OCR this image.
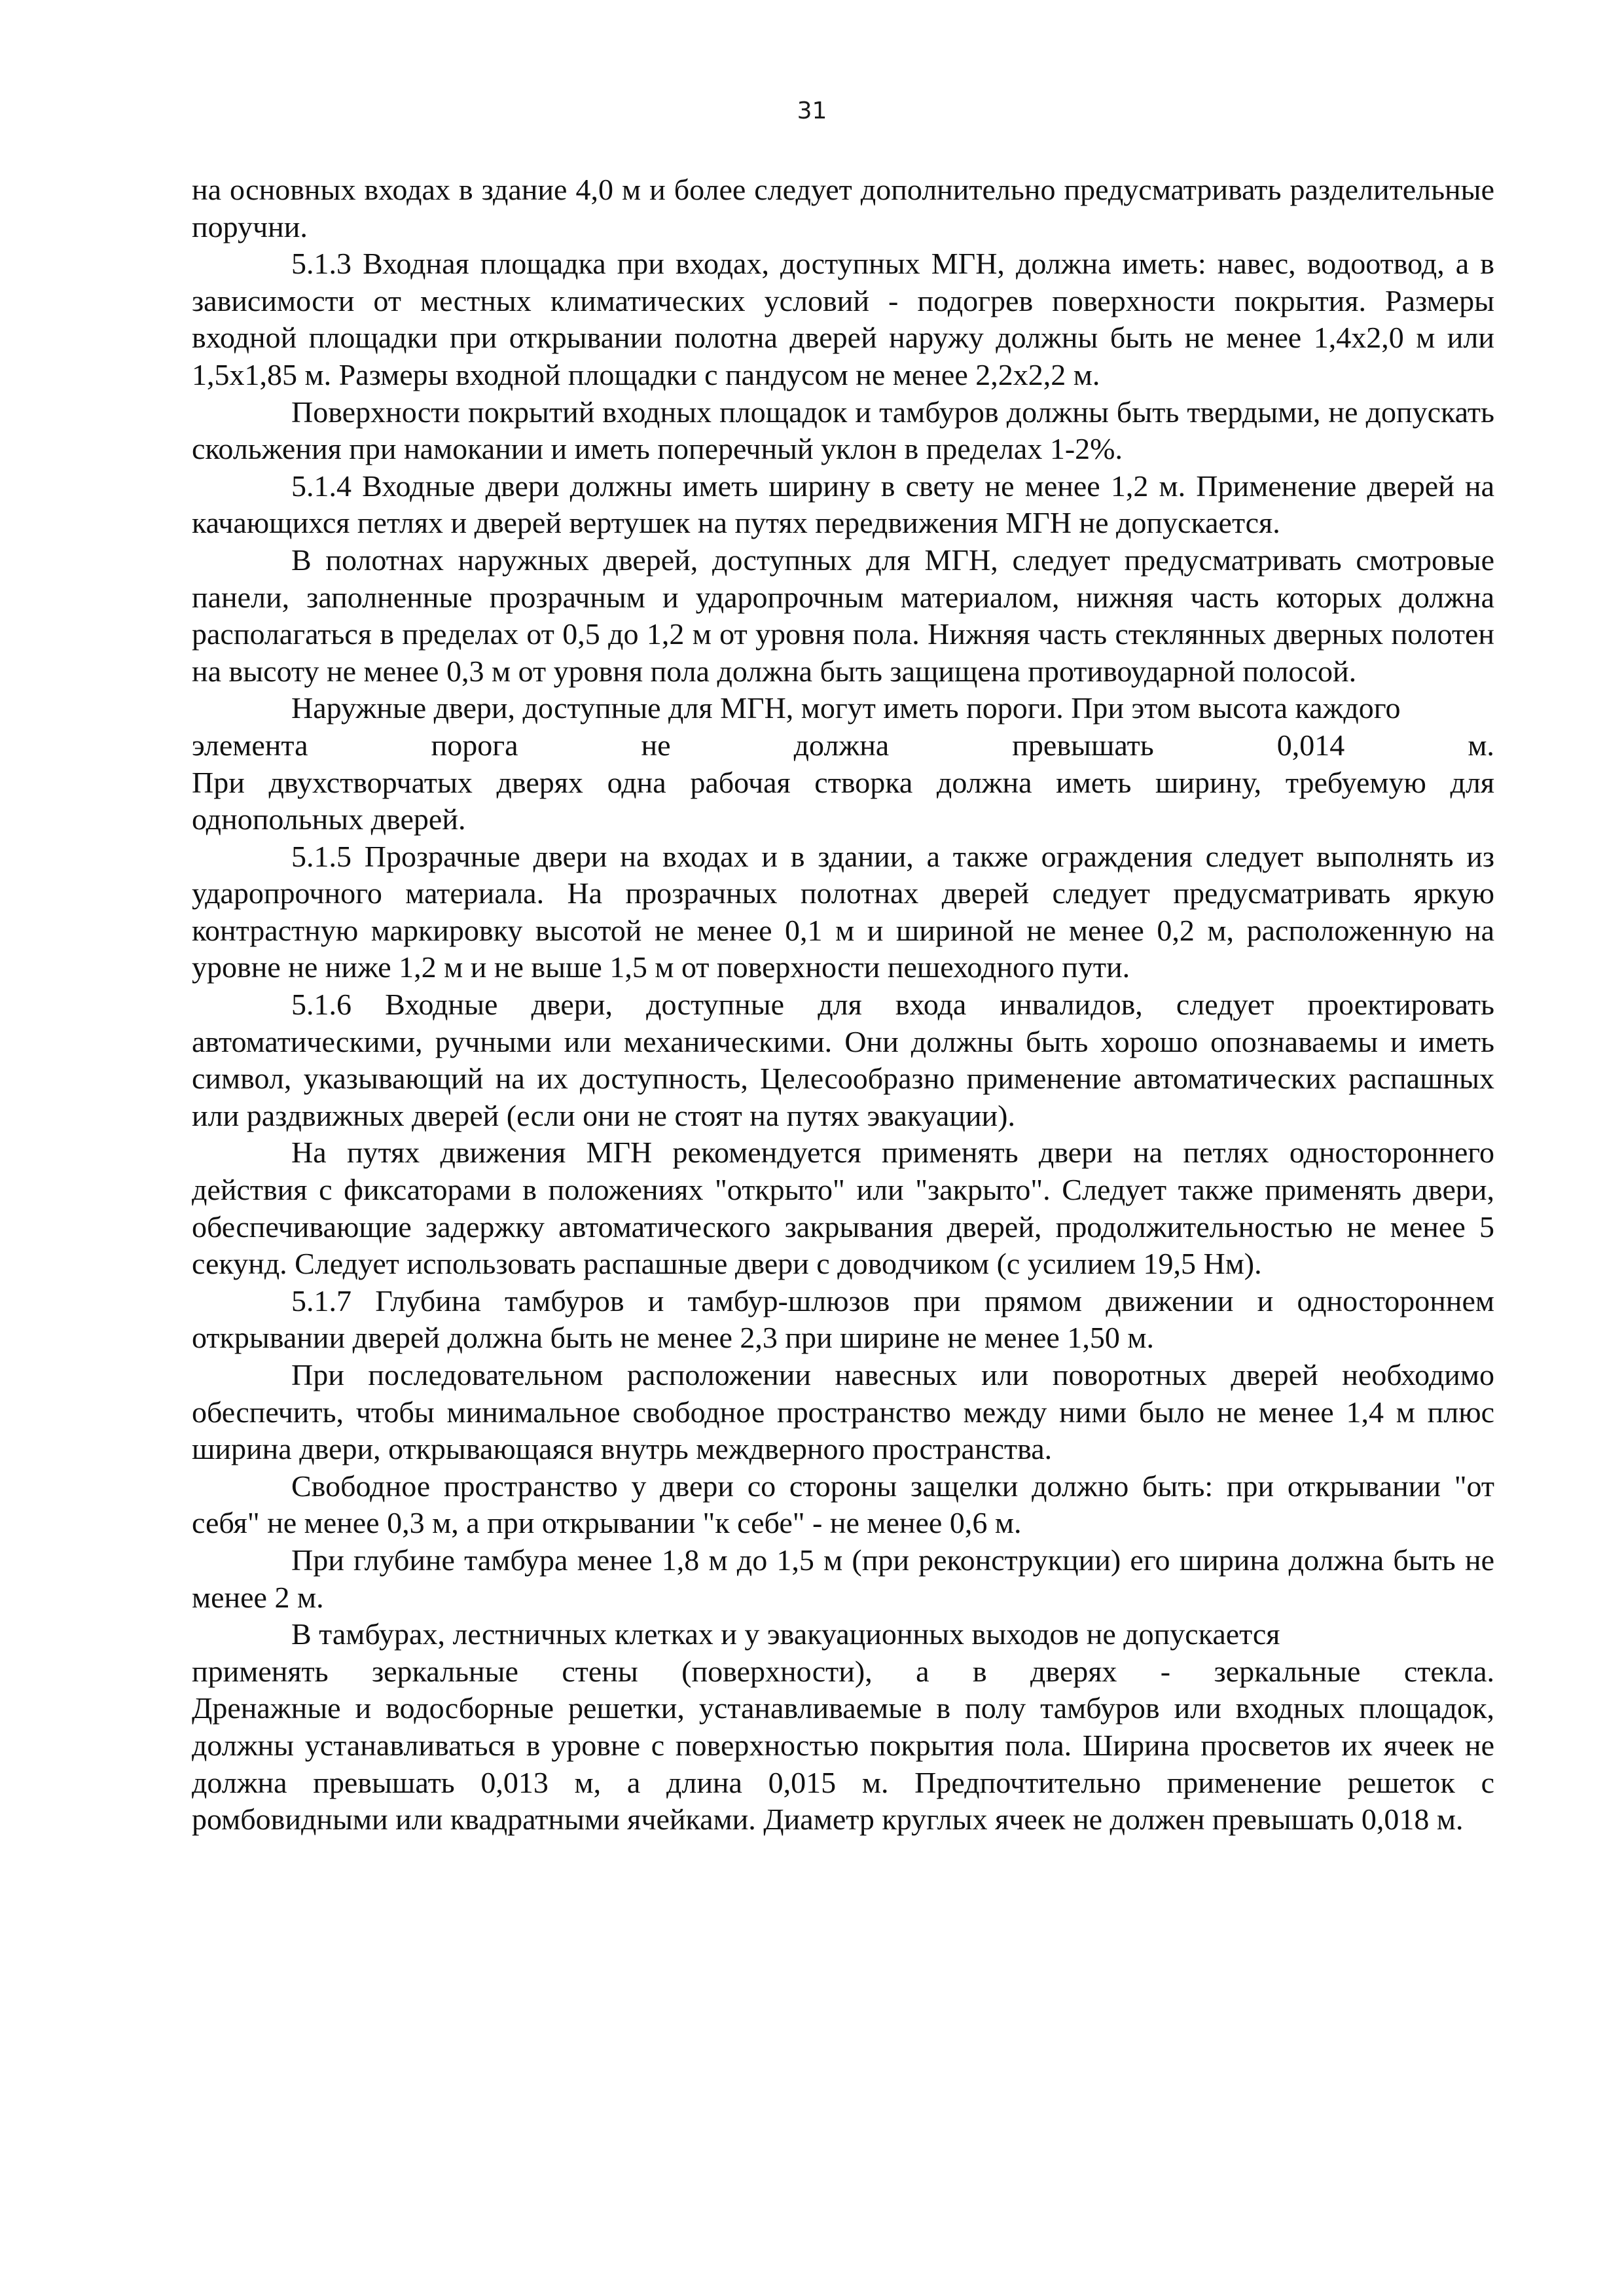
31

на основных входах в здание 4,0 м и более следует дополнительно предусматривать разделительные поручни.

5.1.3 Входная площадка при входах, доступных МГН, должна иметь: навес, водоотвод, а в зависимости от местных климатических условий - подогрев поверхности покрытия. Размеры входной площадки при открывании полотна дверей наружу должны быть не менее 1,4х2,0 м или 1,5х1,85 м. Размеры входной площадки с пандусом не менее 2,2х2,2 м.

Поверхности покрытий входных площадок и тамбуров должны быть твердыми, не допускать скольжения при намокании и иметь поперечный уклон в пределах 1-2%.

5.1.4 Входные двери должны иметь ширину в свету не менее 1,2 м. Применение дверей на качающихся петлях и дверей вертушек на путях передвижения МГН не допускается.

В полотнах наружных дверей, доступных для МГН, следует предусматривать смотровые панели, заполненные прозрачным и ударопрочным материалом, нижняя часть которых должна располагаться в пределах от 0,5 до 1,2 м от уровня пола. Нижняя часть стеклянных дверных полотен на высоту не менее 0,3 м от уровня пола должна быть защищена противоударной полосой.

Наружные двери, доступные для МГН, могут иметь пороги. При этом высота каждого

элемента	порога	не	должна	превышать	0,014	м.

При двухстворчатых дверях одна рабочая створка должна иметь ширину, требуемую для однопольных дверей.

5.1.5 Прозрачные двери на входах и в здании, а также ограждения следует выполнять из ударопрочного материала. На прозрачных полотнах дверей следует предусматривать яркую контрастную маркировку высотой не менее 0,1 м и шириной не менее 0,2 м, расположенную на уровне не ниже 1,2 м и не выше 1,5 м от поверхности пешеходного пути.

5.1.6 Входные двери, доступные для входа инвалидов, следует проектировать автоматическими, ручными или механическими. Они должны быть хорошо опознаваемы и иметь символ, указывающий на их доступность, Целесообразно применение автоматических распашных или раздвижных дверей (если они не стоят на путях эвакуации).

На путях движения МГН рекомендуется применять двери на петлях одностороннего действия с фиксаторами в положениях "открыто" или "закрыто". Следует также применять двери, обеспечивающие задержку автоматического закрывания дверей, продолжительностью не менее 5 секунд. Следует использовать распашные двери с доводчиком (с усилием 19,5 Нм).

5.1.7 Глубина тамбуров и тамбур-шлюзов при прямом движении и одностороннем открывании дверей должна быть не менее 2,3 при ширине не менее 1,50 м.

При последовательном расположении навесных или поворотных дверей необходимо обеспечить, чтобы минимальное свободное пространство между ними было не менее 1,4 м плюс ширина двери, открывающаяся внутрь междверного пространства.

Свободное пространство у двери со стороны защелки должно быть: при открывании "от себя" не менее 0,3 м, а при открывании "к себе" - не менее 0,6 м.

При глубине тамбура менее 1,8 м до 1,5 м (при реконструкции) его ширина должна быть не менее 2 м.

В тамбурах, лестничных клетках и у эвакуационных выходов не допускается

применять зеркальные стены (поверхности), а в дверях - зеркальные стекла.

Дренажные и водосборные решетки, устанавливаемые в полу тамбуров или входных площадок, должны устанавливаться в уровне с поверхностью покрытия пола. Ширина просветов их ячеек не должна превышать 0,013 м, а длина 0,015 м. Предпочтительно применение решеток с ромбовидными или квадратными ячейками. Диаметр круглых ячеек не должен превышать 0,018 м.
